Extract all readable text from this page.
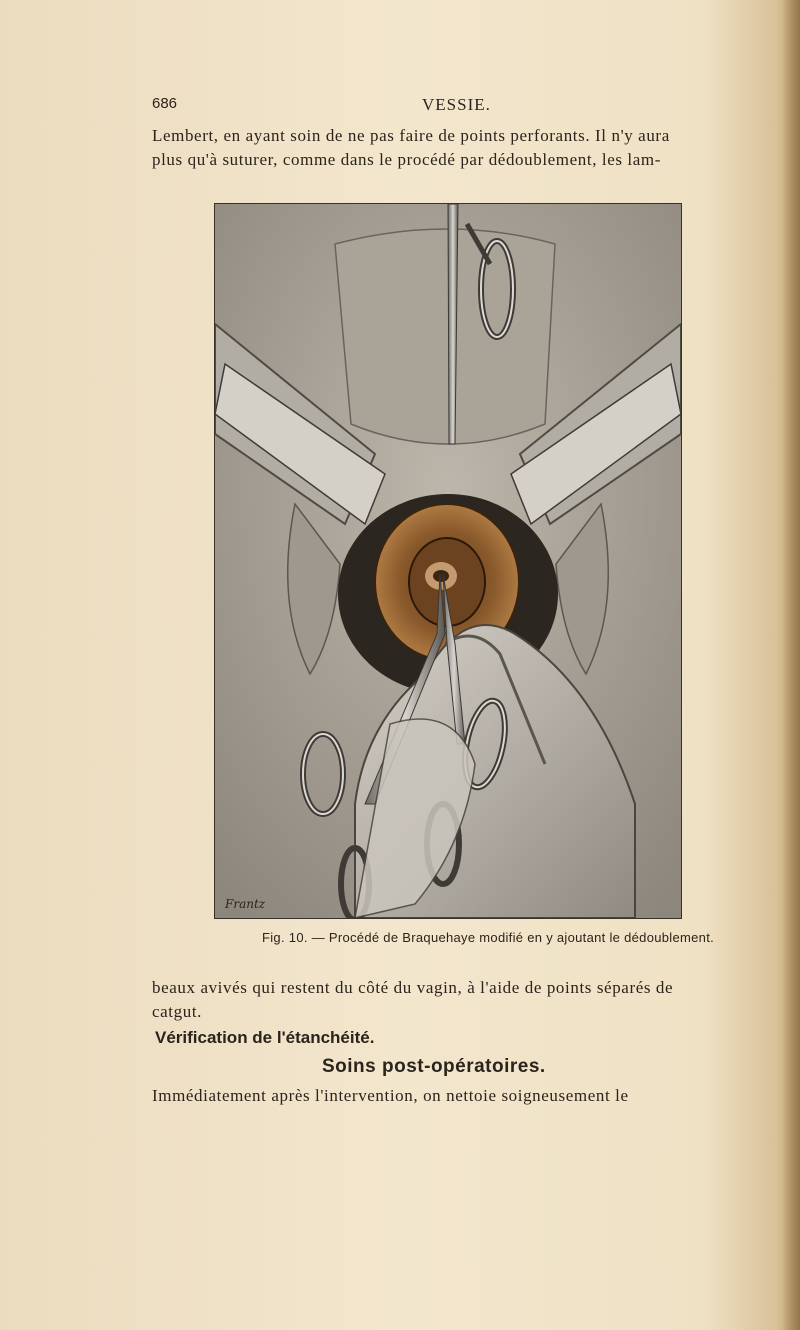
686	VESSIE.
Lembert, en ayant soin de ne pas faire de points perforants. Il n'y aura
plus qu'à suturer, comme dans le procédé par dédoublement, les lam-
Frantz
Fig. 10. — Procédé de Braquehaye modifié en y ajoutant le dédoublement.
beaux avivés qui restent du côté du vagin, à l'aide de points séparés de
catgut.
Vérification de l'étanchéité.
Soins post-opératoires.
Immédiatement après l'intervention, on nettoie soigneusement le
